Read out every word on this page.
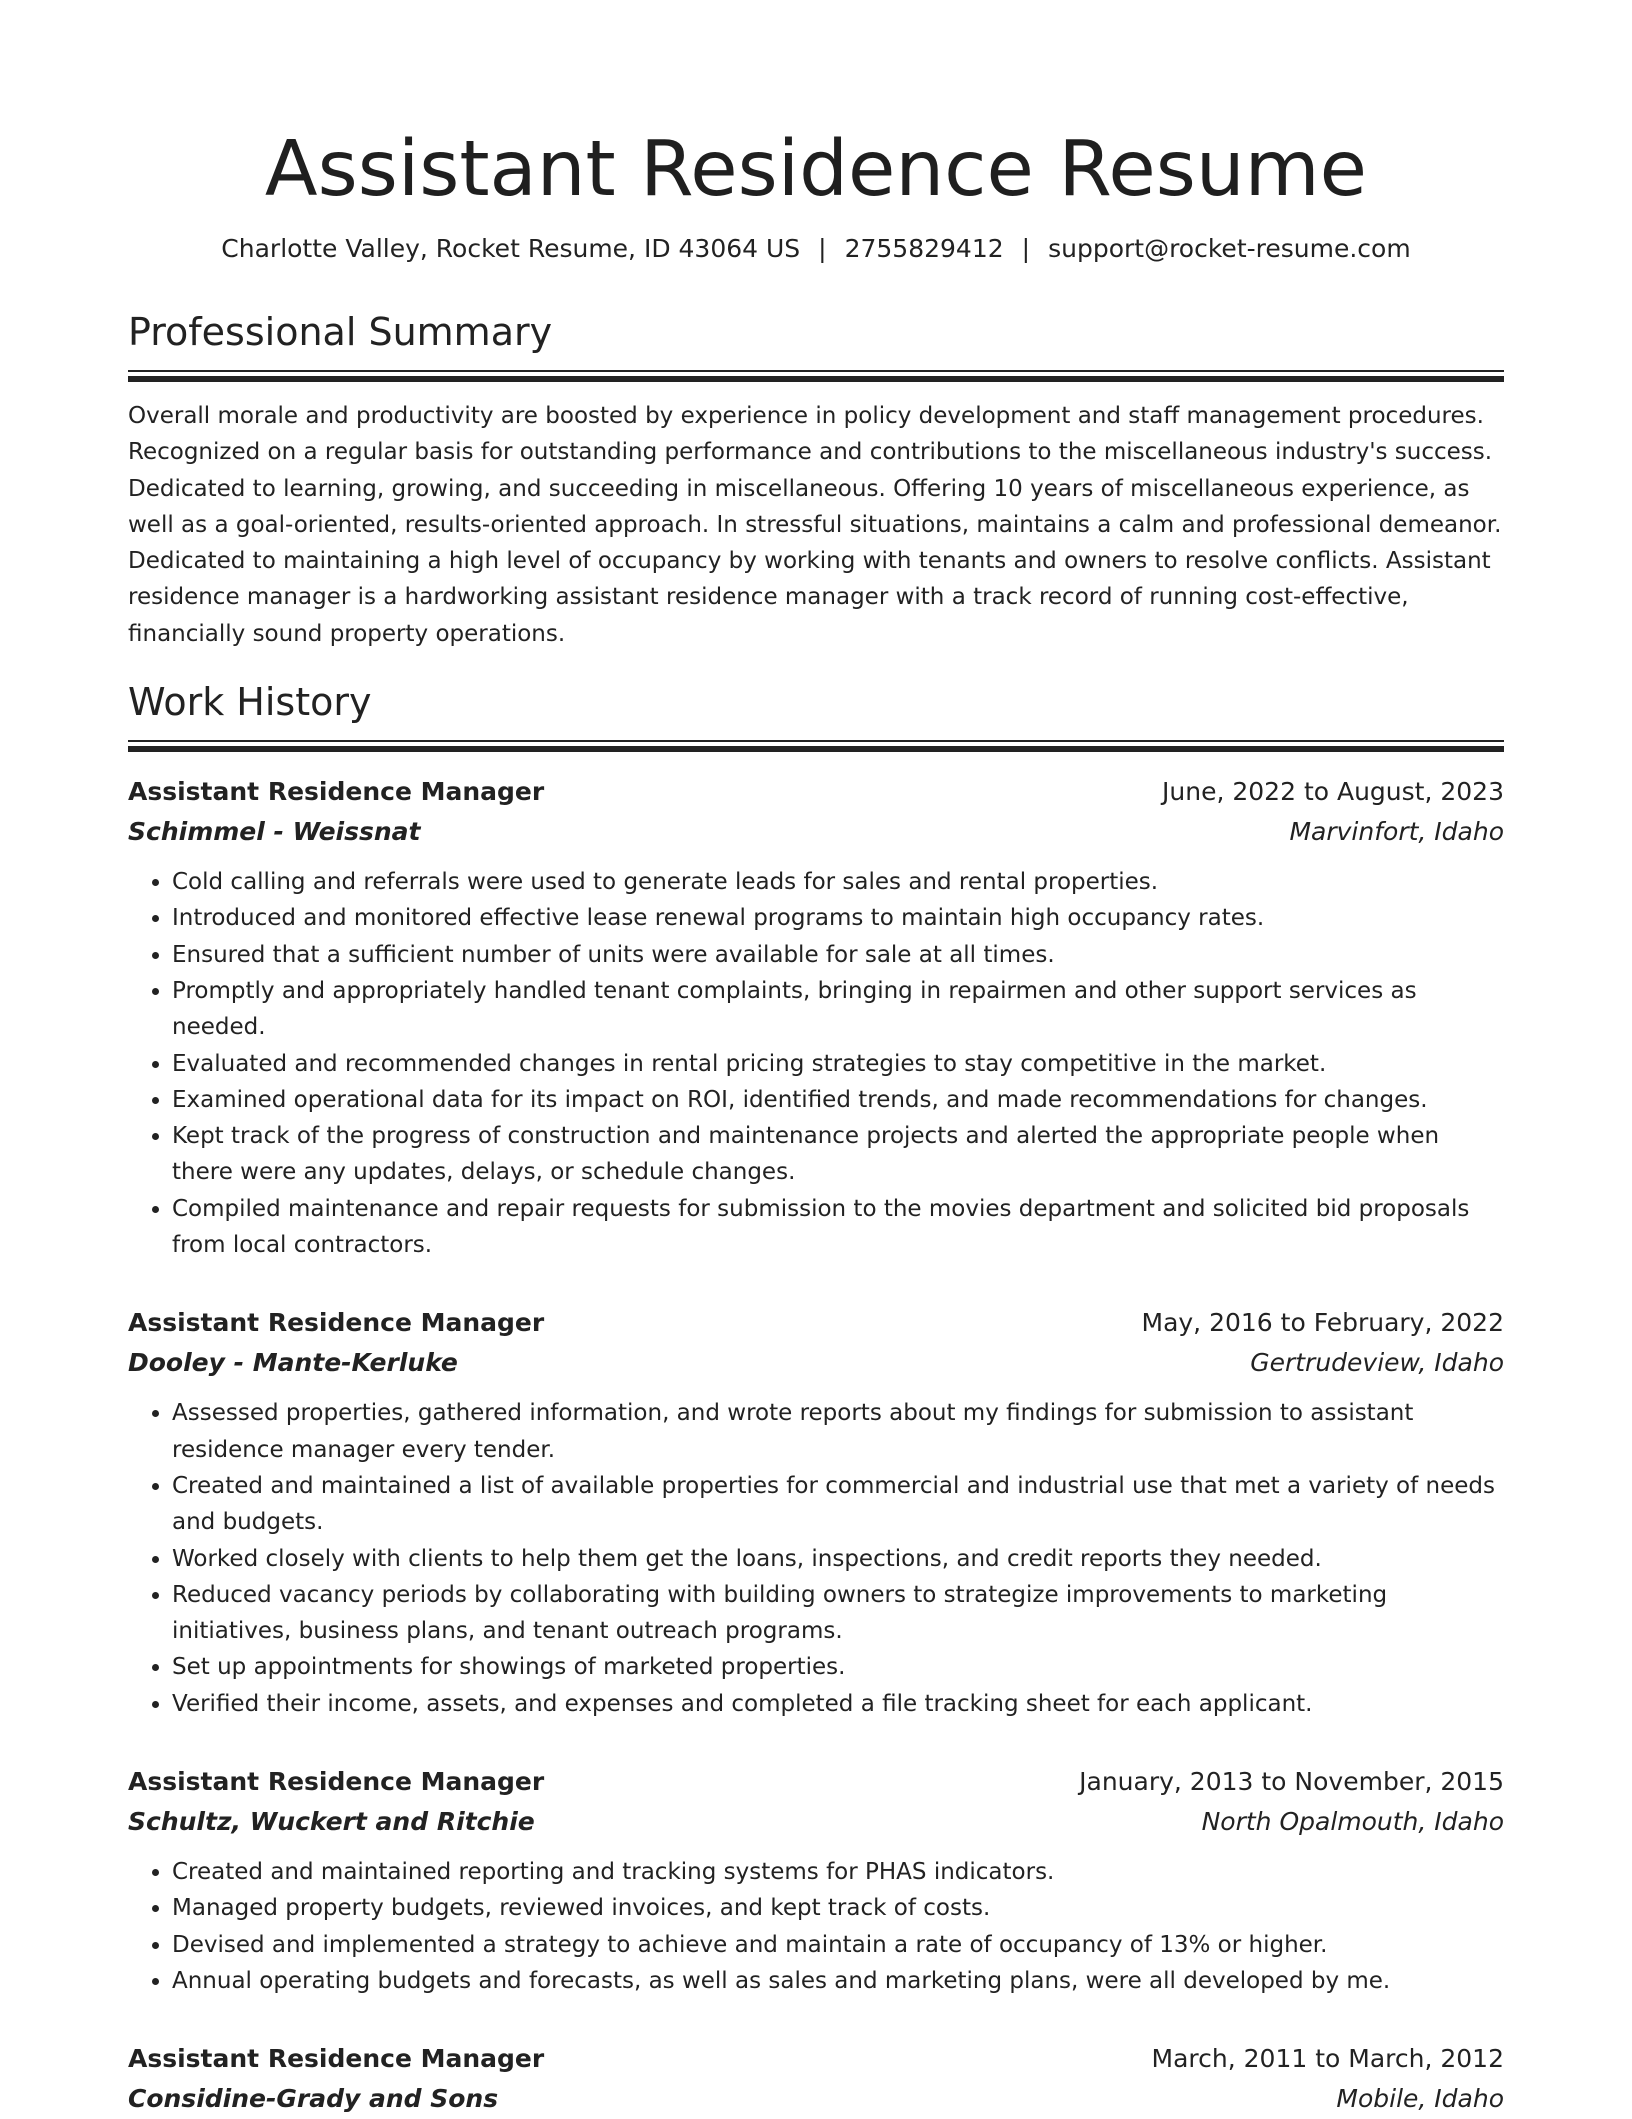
Assistant Residence Resume
Charlotte Valley, Rocket Resume, ID 43064 US | 2755829412 | support@rocket-resume.com
Professional Summary

Overall morale and productivity are boosted by experience in policy development and staff management procedures. Recognized on a regular basis for outstanding performance and contributions to the miscellaneous industry's success. Dedicated to learning, growing, and succeeding in miscellaneous. Offering 10 years of miscellaneous experience, as well as a goal-oriented, results-oriented approach. In stressful situations, maintains a calm and professional demeanor. Dedicated to maintaining a high level of occupancy by working with tenants and owners to resolve conflicts. Assistant residence manager is a hardworking assistant residence manager with a track record of running cost-effective, financially sound property operations.

Work History
Assistant Residence Manager	June, 2022 to August, 2023
Schimmel - Weissnat	Marvinfort, Idaho
• Cold calling and referrals were used to generate leads for sales and rental properties.
• Introduced and monitored effective lease renewal programs to maintain high occupancy rates.
• Ensured that a sufficient number of units were available for sale at all times.
• Promptly and appropriately handled tenant complaints, bringing in repairmen and other support services as needed.
• Evaluated and recommended changes in rental pricing strategies to stay competitive in the market.
• Examined operational data for its impact on ROI, identified trends, and made recommendations for changes.
• Kept track of the progress of construction and maintenance projects and alerted the appropriate people when there were any updates, delays, or schedule changes.
• Compiled maintenance and repair requests for submission to the movies department and solicited bid proposals from local contractors.
Assistant Residence Manager	May, 2016 to February, 2022
Dooley - Mante-Kerluke	Gertrudeview, Idaho
• Assessed properties, gathered information, and wrote reports about my findings for submission to assistant residence manager every tender.
• Created and maintained a list of available properties for commercial and industrial use that met a variety of needs and budgets.
• Worked closely with clients to help them get the loans, inspections, and credit reports they needed.
• Reduced vacancy periods by collaborating with building owners to strategize improvements to marketing initiatives, business plans, and tenant outreach programs.
• Set up appointments for showings of marketed properties.
• Verified their income, assets, and expenses and completed a file tracking sheet for each applicant.
Assistant Residence Manager	January, 2013 to November, 2015
Schultz, Wuckert and Ritchie	North Opalmouth, Idaho
• Created and maintained reporting and tracking systems for PHAS indicators.
• Managed property budgets, reviewed invoices, and kept track of costs.
• Devised and implemented a strategy to achieve and maintain a rate of occupancy of 13% or higher.
• Annual operating budgets and forecasts, as well as sales and marketing plans, were all developed by me.
Assistant Residence Manager	March, 2011 to March, 2012
Considine-Grady and Sons	Mobile, Idaho
